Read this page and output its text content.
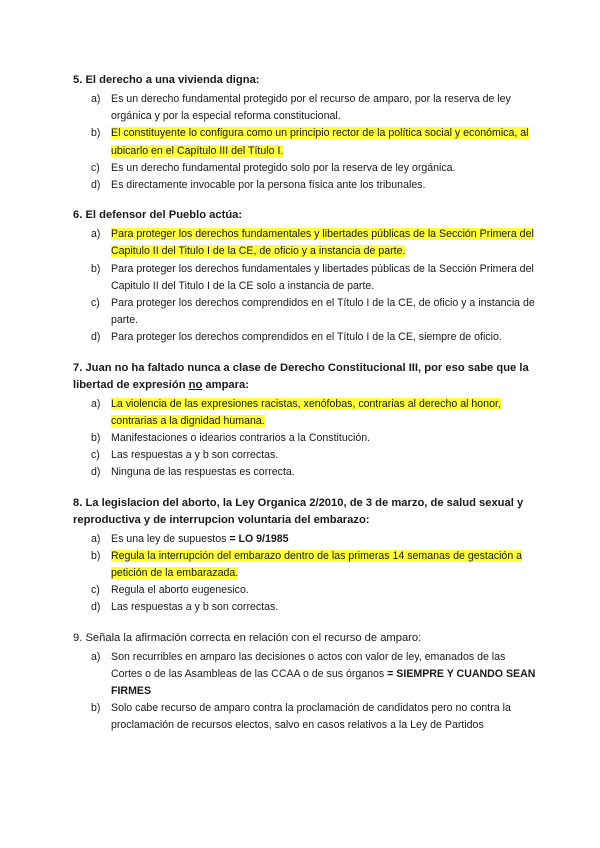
5. El derecho a una vivienda digna:

a) Es un derecho fundamental protegido por el recurso de amparo, por la reserva de ley orgánica y por la especial reforma constitucional.
b) El constituyente lo configura como un principio rector de la política social y económica, al ubicarlo en el Capítulo III del Título I.
c)	Es un derecho fundamental protegido solo por la reserva de ley orgánica.
d) Es directamente invocable por la persona física ante los tribunales.

6. El defensor del Pueblo actúa:

a) Para proteger los derechos fundamentales y libertades públicas de la Sección Primera del Capitulo II del Titulo I de la CE, de oficio y a instancia de parte.
b) Para proteger los derechos fundamentales y libertades públicas de la Sección Primera del Capitulo II del Titulo I de la CE solo a instancia de parte.
c)	Para proteger los derechos comprendidos en el Título I de la CE, de oficio y a instancia de parte.
d) Para proteger los derechos comprendidos en el Título I de la CE, siempre de oficio.

7. Juan no ha faltado nunca a clase de Derecho Constitucional III, por eso sabe que la libertad de expresión no ampara:

a) La violencia de las expresiones racistas, xenófobas, contrarias al derecho al honor, contrarias a la dignidad humana.
b) Manifestaciones o idearios contrarios a la Constitución.
c)	Las respuestas a y b son correctas.
d) Ninguna de las respuestas es correcta.

8. La legislacion del aborto, la Ley Organica 2/2010, de 3 de marzo, de salud sexual y reproductiva y de interrupcion voluntaria del embarazo:

a) Es una ley de supuestos = LO 9/1985
b) Regula la interrupción del embarazo dentro de las primeras 14 semanas de gestación a petición de la embarazada.
c)	Regula el aborto eugenesico.
d) Las respuestas a y b son correctas.

9. Señala la afirmación correcta en relación con el recurso de amparo:

a) Son recurribles en amparo las decisiones o actos con valor de ley, emanados de las Cortes o de las Asambleas de las CCAA o de sus órganos = SIEMPRE Y CUANDO SEAN FIRMES
b) Solo cabe recurso de amparo contra la proclamación de candidatos pero no contra la proclamación de recursos electos, salvo en casos relativos a la Ley de Partidos
